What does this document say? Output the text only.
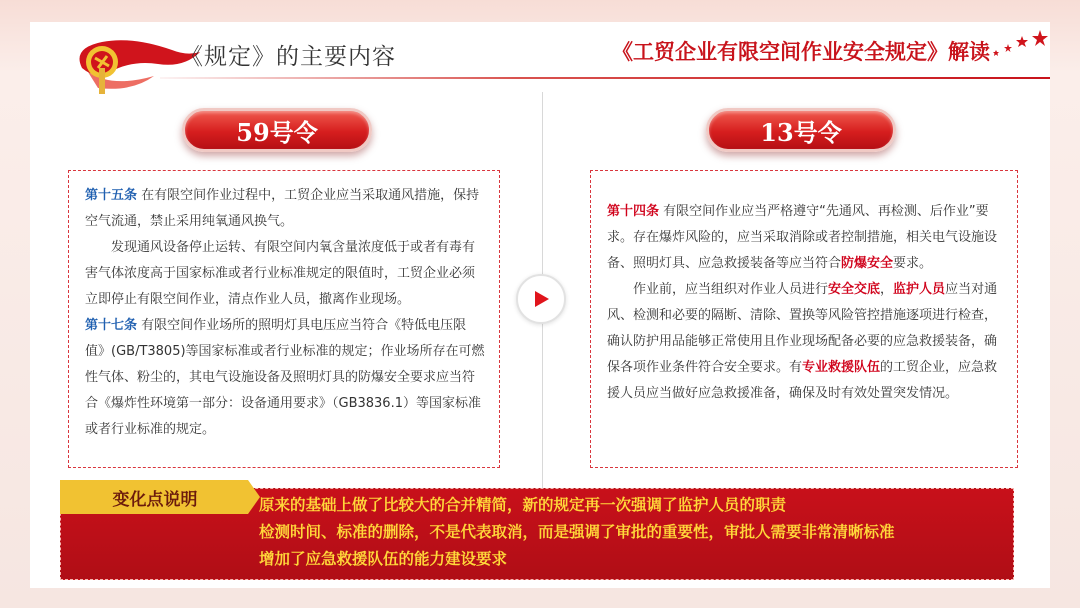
《规定》的主要内容	《工贸企业有限空间作业安全规定》解读
59号令	13号令

第十五条 在有限空间作业过程中，工贸企业应当采取通风措施，保持空气流通，禁止采用纯氧通风换气。

发现通风设备停止运转、有限空间内氧含量浓度低于或者有毒有害气体浓度高于国家标准或者行业标准规定的限值时，工贸企业必须立即停止有限空间作业，清点作业人员，撤离作业现场。

第十七条 有限空间作业场所的照明灯具电压应当符合《特低电压限值》(GB/T3805)等国家标准或者行业标准的规定；作业场所存在可燃性气体、粉尘的，其电气设施设备及照明灯具的防爆安全要求应当符合《爆炸性环境第一部分：设备通用要求》（GB3836.1）等国家标准或者行业标准的规定。

第十四条 有限空间作业应当严格遵守“先通风、再检测、后作业”要求。存在爆炸风险的，应当采取消除或者控制措施，相关电气设施设备、照明灯具、应急救援装备等应当符合防爆安全要求。

作业前，应当组织对作业人员进行安全交底，监护人员应当对通风、检测和必要的隔断、清除、置换等风险管控措施逐项进行检查，确认防护用品能够正常使用且作业现场配备必要的应急救援装备，确保各项作业条件符合安全要求。有专业救援队伍的工贸企业，应急救援人员应当做好应急救援准备，确保及时有效处置突发情况。

变化点说明	原来的基础上做了比较大的合并精简，新的规定再一次强调了监护人员的职责
检测时间、标准的删除，不是代表取消，而是强调了审批的重要性，审批人需要非常清晰标准
增加了应急救援队伍的能力建设要求
